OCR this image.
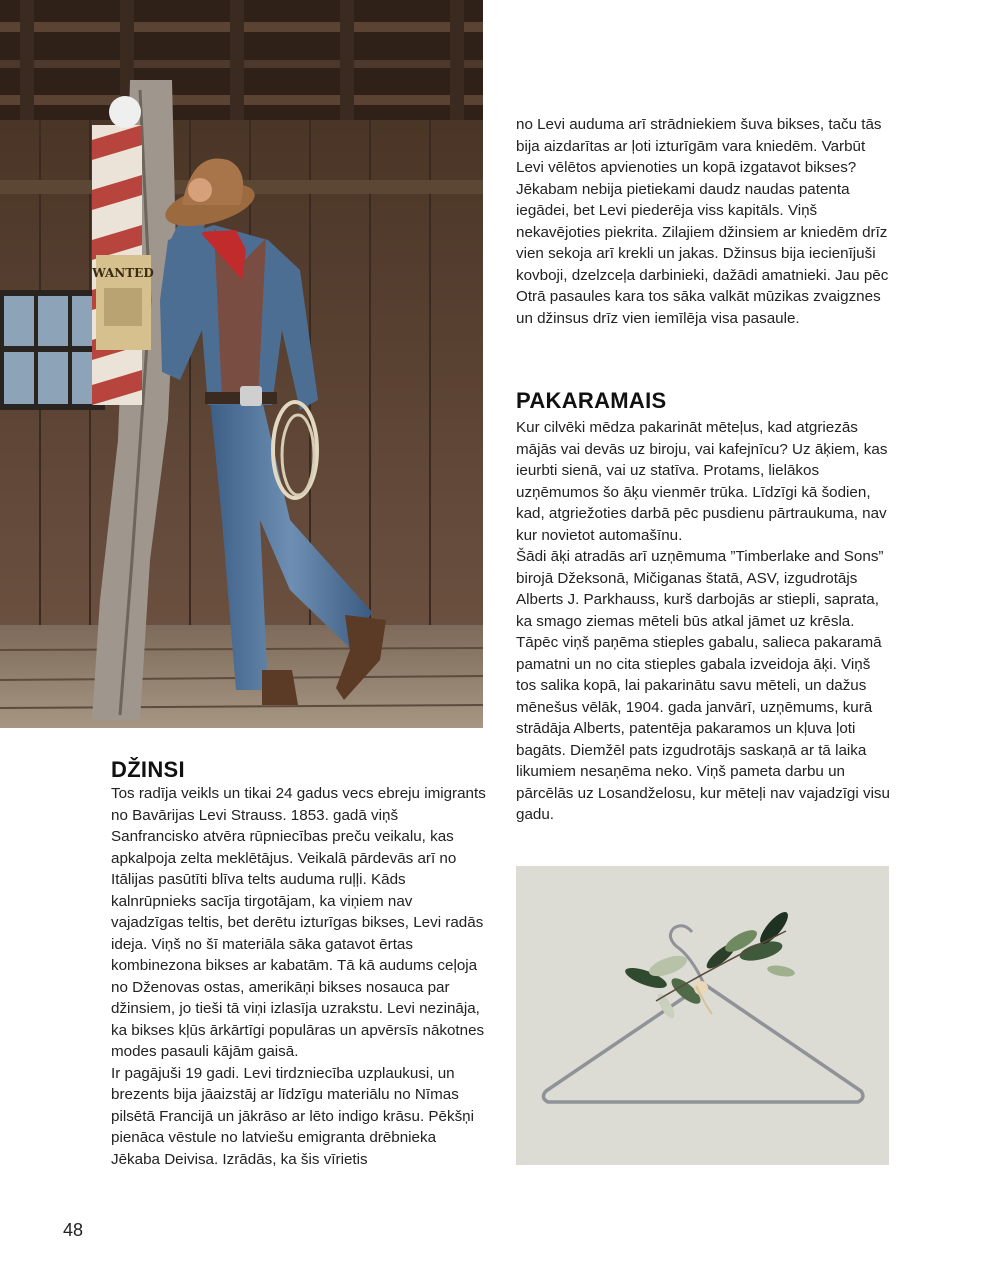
WANTED

no Levi auduma arī strādniekiem šuva bikses, taču tās bija aizdarītas ar ļoti izturīgām vara kniedēm. Varbūt Levi vēlētos apvienoties un kopā izgatavot bikses? Jēkabam nebija pietiekami daudz naudas patenta iegādei, bet Levi piederēja viss kapitāls. Viņš nekavējoties piekrita. Zilajiem džinsiem ar kniedēm drīz vien sekoja arī krekli un jakas. Džinsus bija iecienījuši kovboji, dzelzceļa darbinieki, dažādi amatnieki. Jau pēc Otrā pasaules kara tos sāka valkāt mūzikas zvaigznes un džinsus drīz vien iemīlēja visa pasaule.

PAKARAMAIS

Kur cilvēki mēdza pakarināt mēteļus, kad atgriezās mājās vai devās uz biroju, vai kafejnīcu? Uz āķiem, kas ieurbti sienā, vai uz statīva. Protams, lielākos uzņēmumos šo āķu vienmēr trūka. Līdzīgi kā šodien, kad, atgriežoties darbā pēc pusdienu pārtraukuma, nav kur novietot automašīnu.

Šādi āķi atradās arī uzņēmuma ”Timberlake and Sons” birojā Džeksonā, Mičiganas štatā, ASV, izgudrotājs Alberts J. Parkhauss, kurš darbojās ar stiepli, saprata, ka smago ziemas mēteli būs atkal jāmet uz krēsla. Tāpēc viņš paņēma stieples gabalu, salieca pakaramā pamatni un no cita stieples gabala izveidoja āķi. Viņš tos salika kopā, lai pakarinātu savu mēteli, un dažus mēnešus vēlāk, 1904. gada janvārī, uzņēmums, kurā strādāja Alberts, patentēja pakaramos un kļuva ļoti bagāts. Diemžēl pats izgudrotājs saskaņā ar tā laika likumiem nesaņēma neko. Viņš pameta darbu un pārcēlās uz Losandželosu, kur mēteļi nav vajadzīgi visu gadu.

DŽINSI

Tos radīja veikls un tikai 24 gadus vecs ebreju imigrants no Bavārijas Levi Strauss. 1853. gadā viņš Sanfrancisko atvēra rūpniecības preču veikalu, kas apkalpoja zelta meklētājus. Veikalā pārdevās arī no Itālijas pasūtīti blīva telts auduma ruļļi. Kāds kalnrūpnieks sacīja tirgotājam, ka viņiem nav vajadzīgas teltis, bet derētu izturīgas bikses, Levi radās ideja. Viņš no šī materiāla sāka gatavot ērtas kombinezona bikses ar kabatām. Tā kā audums ceļoja no Dženovas ostas, amerikāņi bikses nosauca par džinsiem, jo tieši tā viņi izlasīja uzrakstu. Levi nezināja, ka bikses kļūs ārkārtīgi populāras un apvērsīs nākotnes modes pasauli kājām gaisā.

Ir pagājuši 19 gadi. Levi tirdzniecība uzplaukusi, un brezents bija jāaizstāj ar līdzīgu materiālu no Nīmas pilsētā Francijā un jākrāso ar lēto indigo krāsu. Pēkšņi pienāca vēstule no latviešu emigranta drēbnieka Jēkaba Deivisa. Izrādās, ka šis vīrietis

48
